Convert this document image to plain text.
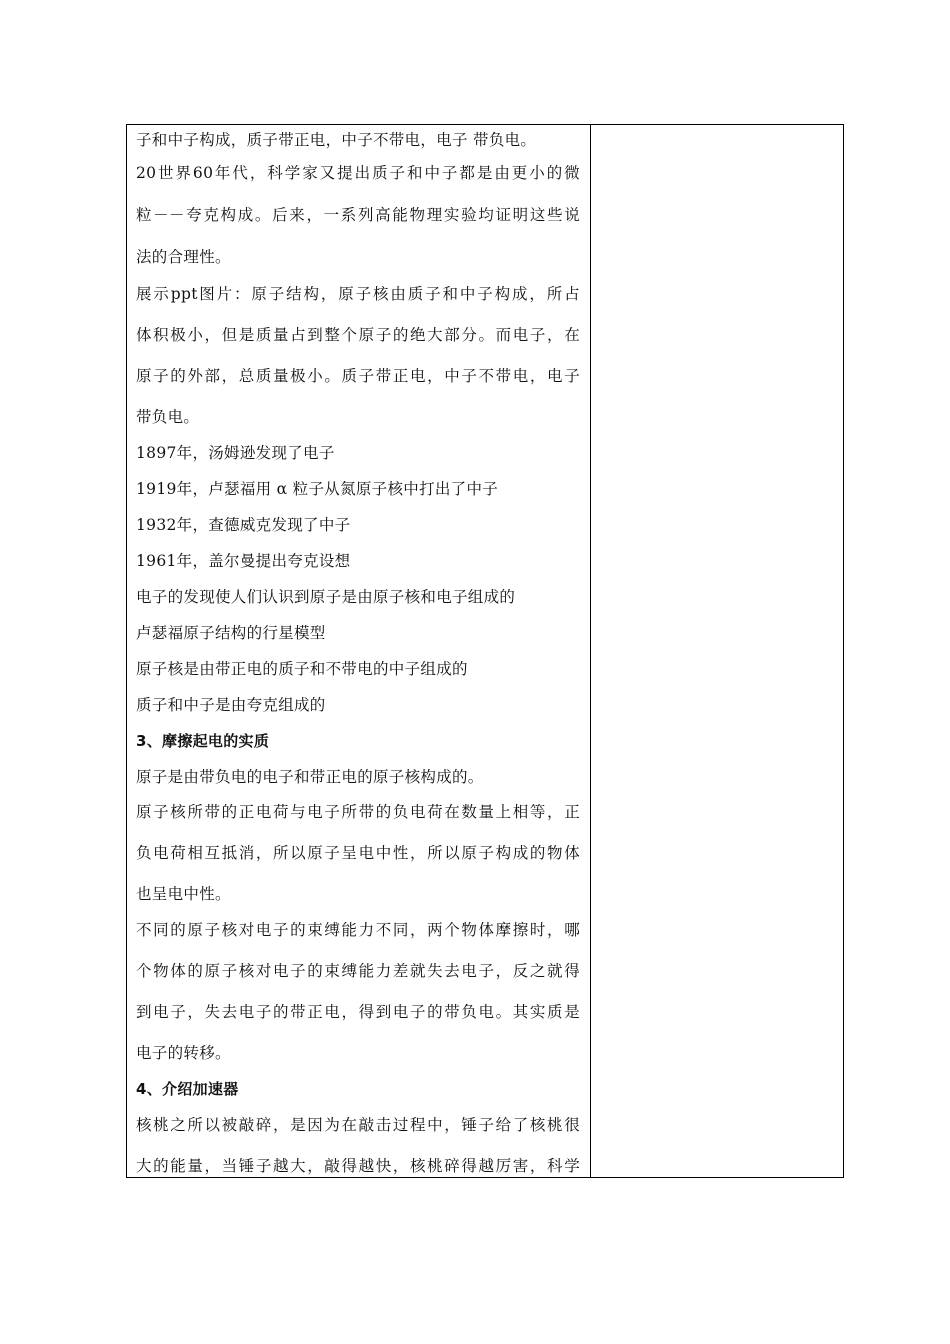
子和中子构成，质子带正电，中子不带电，电子 带负电。
20世界60年代，科学家又提出质子和中子都是由更小的微
粒－－夸克构成。后来，一系列高能物理实验均证明这些说
法的合理性。
展示ppt图片：原子结构，原子核由质子和中子构成，所占
体积极小，但是质量占到整个原子的绝大部分。而电子，在
原子的外部，总质量极小。质子带正电，中子不带电，电子
带负电。
1897年，汤姆逊发现了电子
1919年，卢瑟福用 α 粒子从氮原子核中打出了中子
1932年，查德威克发现了中子
1961年，盖尔曼提出夸克设想
电子的发现使人们认识到原子是由原子核和电子组成的
卢瑟福原子结构的行星模型
原子核是由带正电的质子和不带电的中子组成的
质子和中子是由夸克组成的
3、摩擦起电的实质
原子是由带负电的电子和带正电的原子核构成的。
原子核所带的正电荷与电子所带的负电荷在数量上相等，正
负电荷相互抵消，所以原子呈电中性，所以原子构成的物体
也呈电中性。
不同的原子核对电子的束缚能力不同，两个物体摩擦时，哪
个物体的原子核对电子的束缚能力差就失去电子，反之就得
到电子，失去电子的带正电，得到电子的带负电。其实质是
电子的转移。
4、介绍加速器
核桃之所以被敲碎，是因为在敲击过程中，锤子给了核桃很
大的能量，当锤子越大，敲得越快，核桃碎得越厉害，科学
